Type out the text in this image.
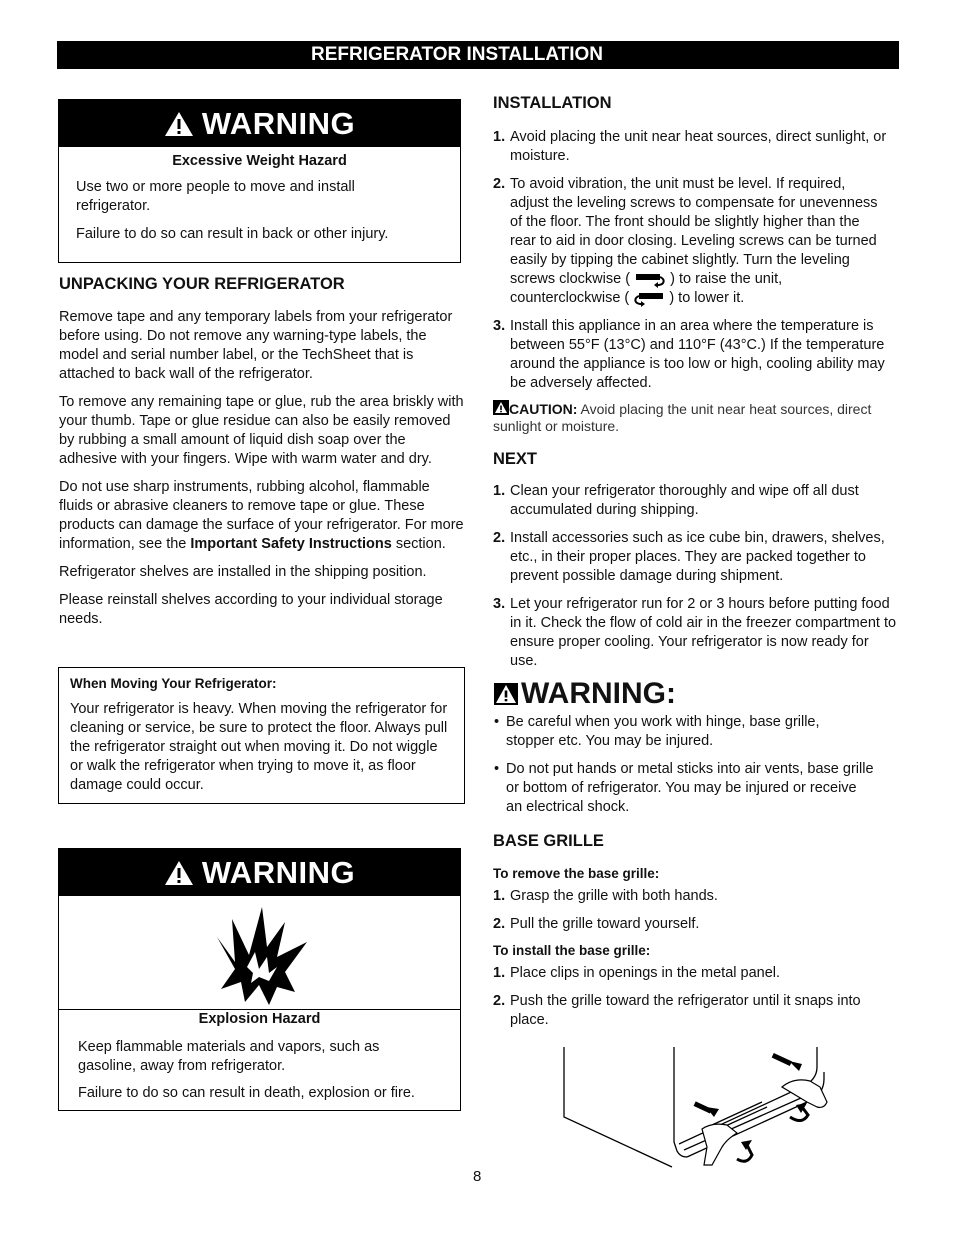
REFRIGERATOR INSTALLATION
WARNING
Excessive Weight Hazard

Use two or more people to move and install refrigerator.

Failure to do so can result in back or other injury.

UNPACKING YOUR REFRIGERATOR

Remove tape and any temporary labels from your refrigerator before using. Do not remove any warning-type labels, the model and serial number label, or the TechSheet that is attached to back wall of the refrigerator.

To remove any remaining tape or glue, rub the area briskly with your thumb. Tape or glue residue can also be easily removed by rubbing a small amount of liquid dish soap over the adhesive with your fingers. Wipe with warm water and dry.

Do not use sharp instruments, rubbing alcohol, flammable fluids or abrasive cleaners to remove tape or glue. These products can damage the surface of your refrigerator. For more information, see the Important Safety Instructions section.

Refrigerator shelves are installed in the shipping position.

Please reinstall shelves according to your individual storage needs.

When Moving Your Refrigerator:

Your refrigerator is heavy. When moving the refrigerator for cleaning or service, be sure to protect the floor. Always pull the refrigerator straight out when moving it. Do not wiggle or walk the refrigerator when trying to move it, as floor damage could occur.

WARNING
Explosion Hazard

Keep flammable materials and vapors, such as gasoline, away from refrigerator.

Failure to do so can result in death, explosion or fire.

INSTALLATION
1. Avoid placing the unit near heat sources, direct sunlight, or moisture.
2. To avoid vibration, the unit must be level. If required, adjust the leveling screws to compensate for unevenness of the floor. The front should be slightly higher than the rear to aid in door closing. Leveling screws can be turned easily by tipping the cabinet slightly. Turn the leveling screws clockwise (  ) to raise the unit, counterclockwise (  ) to lower it.
3. Install this appliance in an area where the temperature is between 55°F (13°C) and 110°F (43°C.) If the temperature around the appliance is too low or high, cooling ability may be adversely affected.
CAUTION: Avoid placing the unit near heat sources, direct sunlight or moisture.
NEXT
1. Clean your refrigerator thoroughly and wipe off all dust accumulated during shipping.
2. Install accessories such as ice cube bin, drawers, shelves, etc., in their proper places. They are packed together to prevent possible damage during shipment.
3. Let your refrigerator run for 2 or 3 hours before putting food in it. Check the flow of cold air in the freezer compartment to ensure proper cooling. Your refrigerator is now ready for use.
WARNING:
• Be careful when you work with hinge, base grille, stopper etc. You may be injured.
• Do not put hands or metal sticks into air vents, base grille or bottom of refrigerator. You may be injured or receive an electrical shock.
BASE GRILLE
To remove the base grille:
1. Grasp the grille with both hands.
2. Pull the grille toward yourself.
To install the base grille:
1. Place clips in openings in the metal panel.
2. Push the grille toward the refrigerator until it snaps into place.
8
